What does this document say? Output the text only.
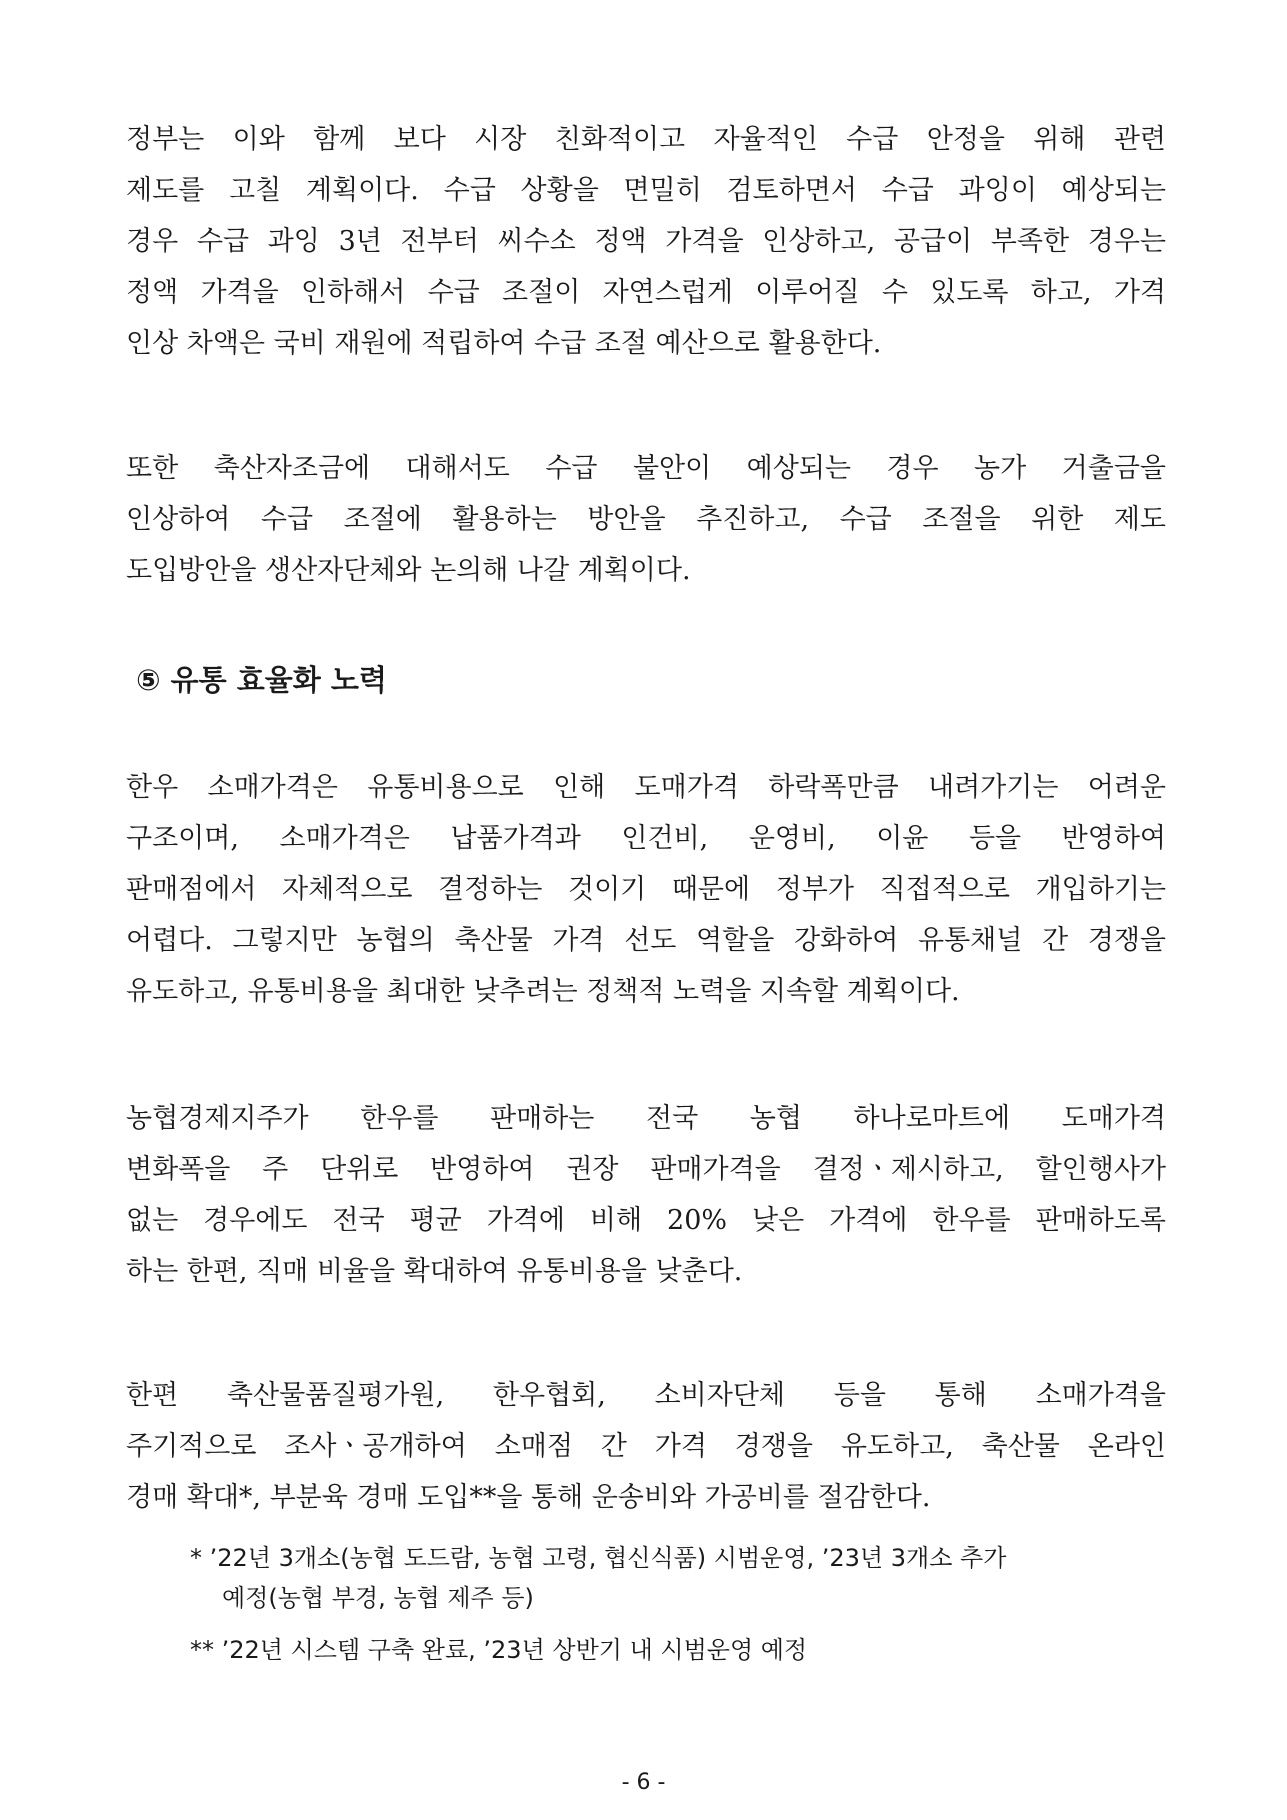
정부는 이와 함께 보다 시장 친화적이고 자율적인 수급 안정을 위해 관련
제도를 고칠 계획이다. 수급 상황을 면밀히 검토하면서 수급 과잉이 예상되는
경우 수급 과잉 3년 전부터 씨수소 정액 가격을 인상하고, 공급이 부족한 경우는
정액 가격을 인하해서 수급 조절이 자연스럽게 이루어질 수 있도록 하고, 가격
인상 차액은 국비 재원에 적립하여 수급 조절 예산으로 활용한다.
또한 축산자조금에 대해서도 수급 불안이 예상되는 경우 농가 거출금을
인상하여 수급 조절에 활용하는 방안을 추진하고, 수급 조절을 위한 제도
도입방안을 생산자단체와 논의해 나갈 계획이다.
⑤ 유통 효율화 노력
한우 소매가격은 유통비용으로 인해 도매가격 하락폭만큼 내려가기는 어려운
구조이며, 소매가격은 납품가격과 인건비, 운영비, 이윤 등을 반영하여
판매점에서 자체적으로 결정하는 것이기 때문에 정부가 직접적으로 개입하기는
어렵다. 그렇지만 농협의 축산물 가격 선도 역할을 강화하여 유통채널 간 경쟁을
유도하고, 유통비용을 최대한 낮추려는 정책적 노력을 지속할 계획이다.
농협경제지주가 한우를 판매하는 전국 농협 하나로마트에 도매가격
변화폭을 주 단위로 반영하여 권장 판매가격을 결정ㆍ제시하고, 할인행사가
없는 경우에도 전국 평균 가격에 비해 20% 낮은 가격에 한우를 판매하도록
하는 한편, 직매 비율을 확대하여 유통비용을 낮춘다.
한편 축산물품질평가원, 한우협회, 소비자단체 등을 통해 소매가격을
주기적으로 조사ㆍ공개하여 소매점 간 가격 경쟁을 유도하고, 축산물 온라인
경매 확대*, 부분육 경매 도입**을 통해 운송비와 가공비를 절감한다.
* ’22년 3개소(농협 도드람, 농협 고령, 협신식품) 시범운영, ’23년 3개소 추가
예정(농협 부경, 농협 제주 등)
** ’22년 시스템 구축 완료, ’23년 상반기 내 시범운영 예정
- 6 -
